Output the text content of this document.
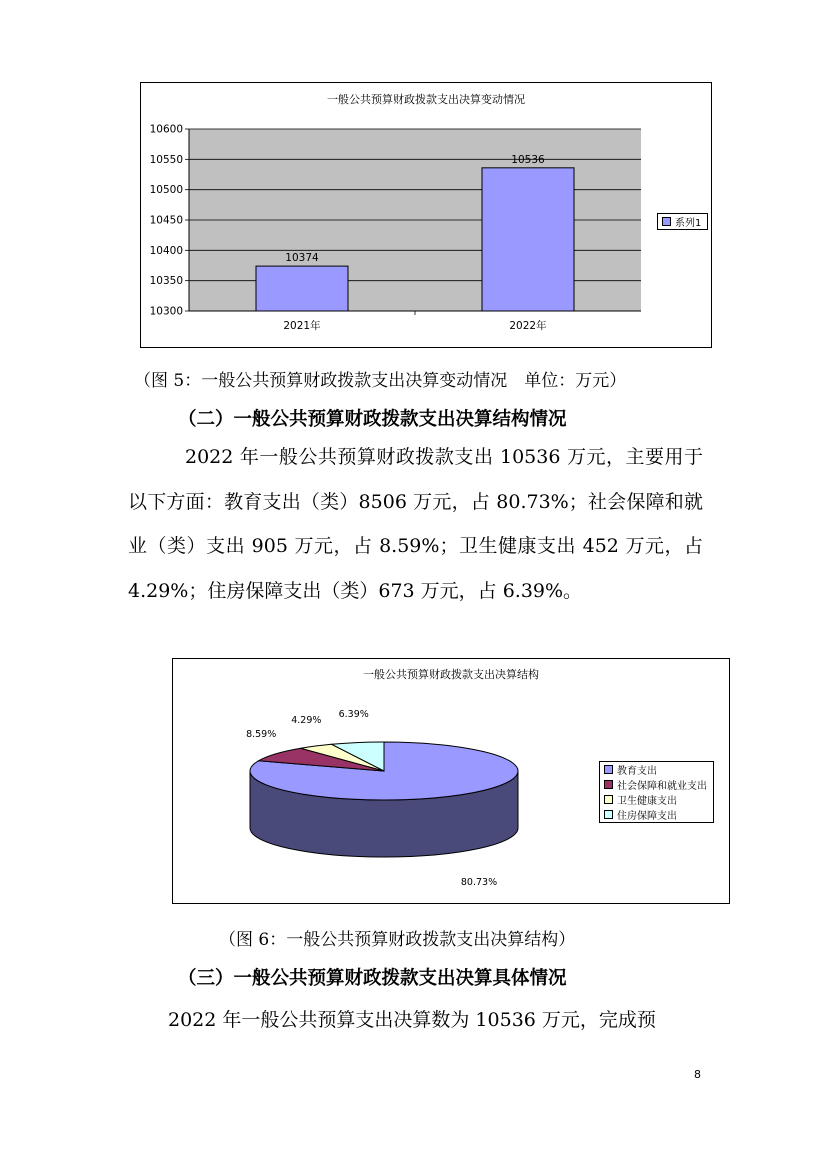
一般公共预算财政拨款支出决算变动情况
10300
10350
10400
10450
10500
10550
10600
10374
2021年
10536
2022年
系列1
（图 5：一般公共预算财政拨款支出决算变动情况　单位：万元）
（二）一般公共预算财政拨款支出决算结构情况
2022 年一般公共预算财政拨款支出 10536 万元，主要用于以下方面：教育支出（类）8506 万元，占 80.73%；社会保障和就业（类）支出 905 万元，占 8.59%；卫生健康支出 452 万元，占 4.29%；住房保障支出（类）673 万元，占 6.39%。
一般公共预算财政拨款支出决算结构
80.73%
8.59%
4.29%
6.39%
教育支出
社会保障和就业支出
卫生健康支出
住房保障支出
（图 6：一般公共预算财政拨款支出决算结构）
（三）一般公共预算财政拨款支出决算具体情况
2022 年一般公共预算支出决算数为 10536 万元，完成预
8
